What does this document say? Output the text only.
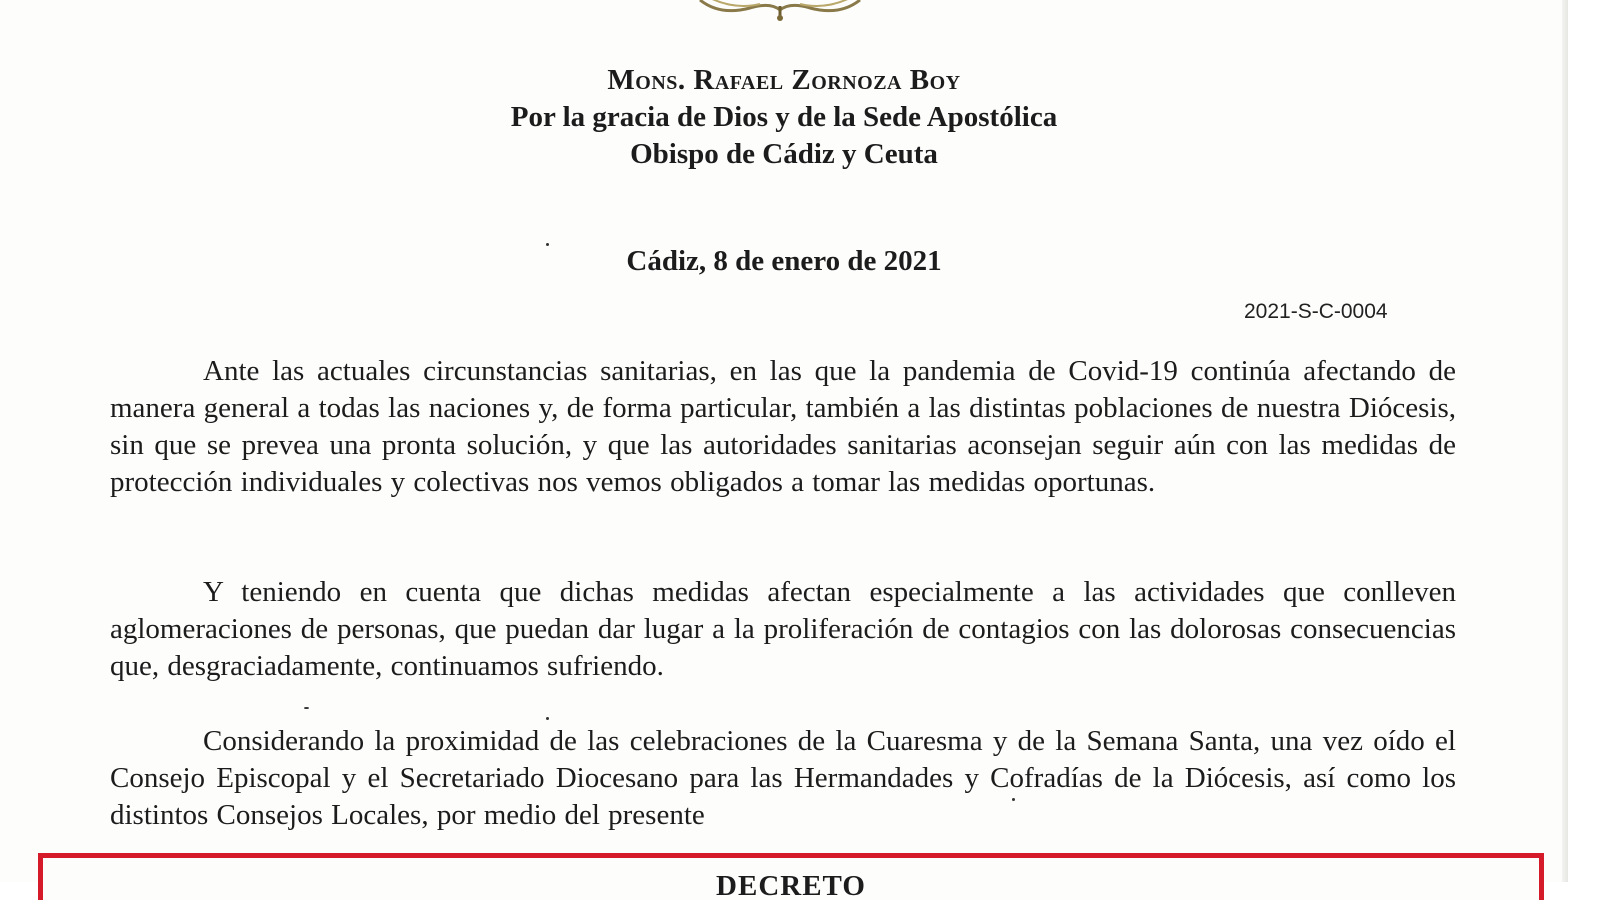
Mons. Rafael Zornoza Boy
Por la gracia de Dios y de la Sede Apostólica
Obispo de Cádiz y Ceuta
Cádiz, 8 de enero de 2021
2021-S-C-0004
Ante las actuales circunstancias sanitarias, en las que la pandemia de Covid-19 continúa afectando de manera general a todas las naciones y, de forma particular, también a las distintas poblaciones de nuestra Diócesis, sin que se prevea una pronta solución, y que las autoridades sanitarias aconsejan seguir aún con las medidas de protección individuales y colectivas nos vemos obligados a tomar las medidas oportunas.
Y teniendo en cuenta que dichas medidas afectan especialmente a las actividades que conlleven aglomeraciones de personas, que puedan dar lugar a la proliferación de contagios con las dolorosas consecuencias que, desgraciadamente, continuamos sufriendo.
Considerando la proximidad de las celebraciones de la Cuaresma y de la Semana Santa, una vez oído el Consejo Episcopal y el Secretariado Diocesano para las Hermandades y Cofradías de la Diócesis, así como los distintos Consejos Locales, por medio del presente
DECRETO
